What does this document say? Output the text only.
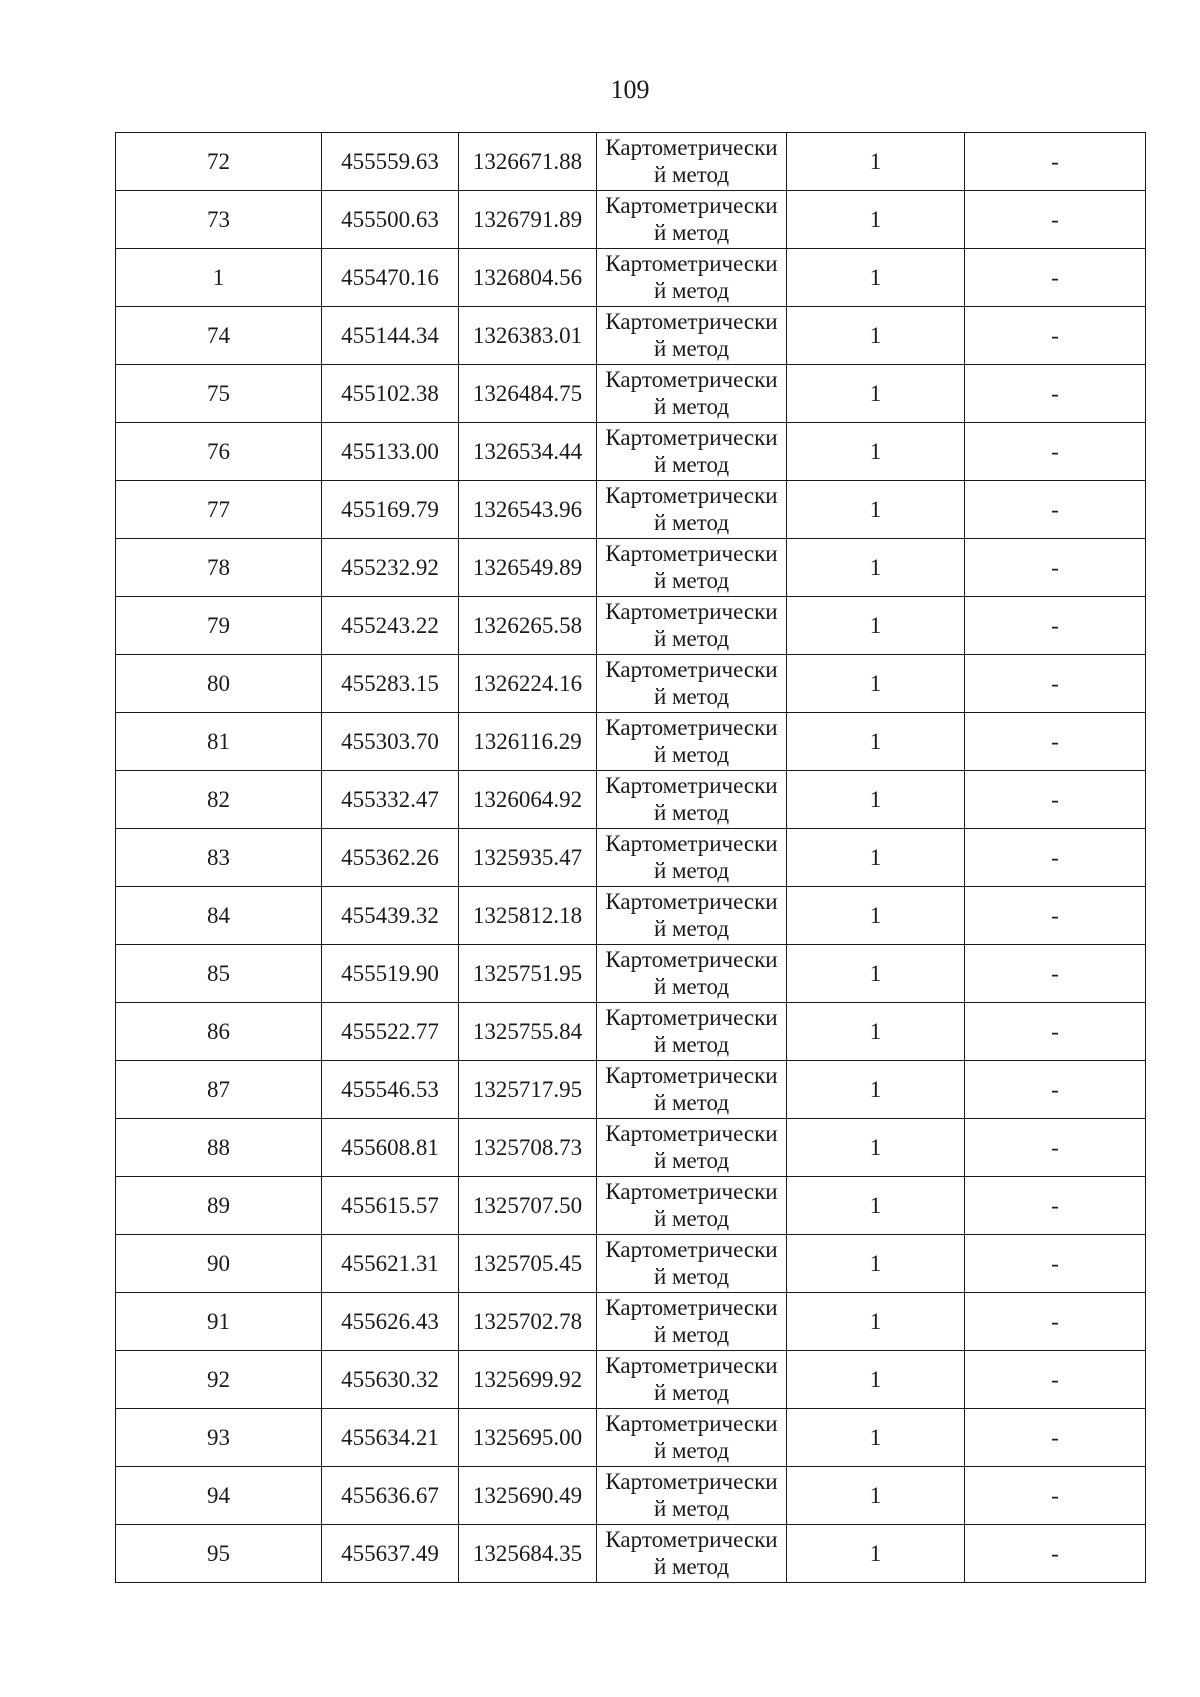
109
72	455559.63	1326671.88	Картометрически
й метод	1	-
73	455500.63	1326791.89	Картометрически
й метод	1	-
1	455470.16	1326804.56	Картометрически
й метод	1	-
74	455144.34	1326383.01	Картометрически
й метод	1	-
75	455102.38	1326484.75	Картометрически
й метод	1	-
76	455133.00	1326534.44	Картометрически
й метод	1	-
77	455169.79	1326543.96	Картометрически
й метод	1	-
78	455232.92	1326549.89	Картометрически
й метод	1	-
79	455243.22	1326265.58	Картометрически
й метод	1	-
80	455283.15	1326224.16	Картометрически
й метод	1	-
81	455303.70	1326116.29	Картометрически
й метод	1	-
82	455332.47	1326064.92	Картометрически
й метод	1	-
83	455362.26	1325935.47	Картометрически
й метод	1	-
84	455439.32	1325812.18	Картометрически
й метод	1	-
85	455519.90	1325751.95	Картометрически
й метод	1	-
86	455522.77	1325755.84	Картометрически
й метод	1	-
87	455546.53	1325717.95	Картометрически
й метод	1	-
88	455608.81	1325708.73	Картометрически
й метод	1	-
89	455615.57	1325707.50	Картометрически
й метод	1	-
90	455621.31	1325705.45	Картометрически
й метод	1	-
91	455626.43	1325702.78	Картометрически
й метод	1	-
92	455630.32	1325699.92	Картометрически
й метод	1	-
93	455634.21	1325695.00	Картометрически
й метод	1	-
94	455636.67	1325690.49	Картометрически
й метод	1	-
95	455637.49	1325684.35	Картометрически
й метод	1	-
